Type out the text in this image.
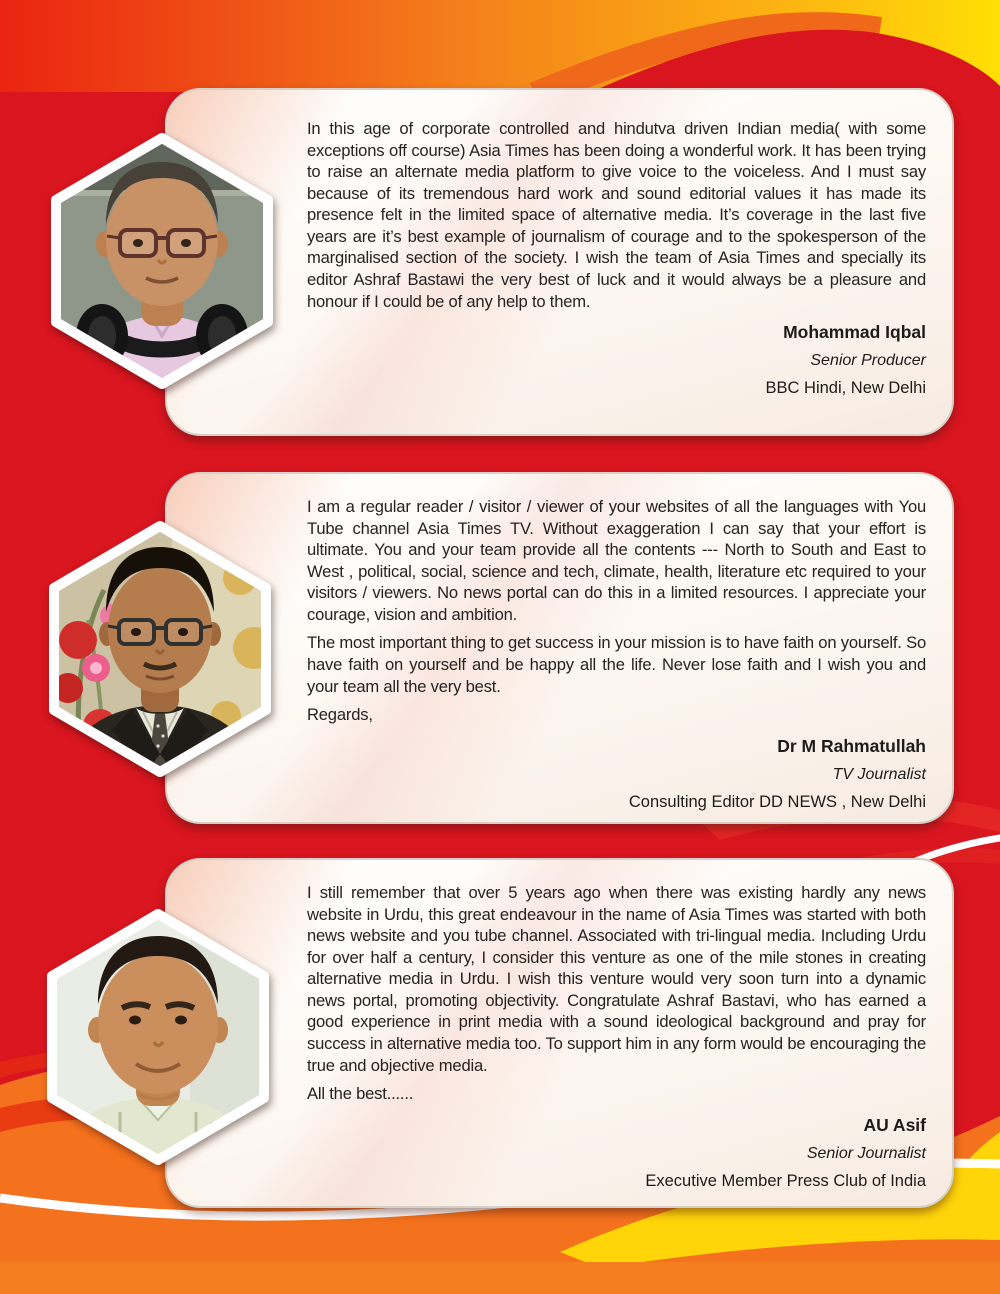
In this age of corporate controlled and hindutva driven Indian media( with some exceptions off course) Asia Times has been doing a wonderful work. It has been trying to raise an alternate media platform to give voice to the voiceless. And I must say because of its tremendous hard work and sound editorial values it has made its presence felt in the limited space of alternative media. It’s coverage in the last five years are it’s best example of journalism of courage and to the spokesperson of the marginalised section of the society. I wish the team of Asia Times and specially its editor Ashraf Bastawi the very best of luck and it would always be a pleasure and honour if I could be of any help to them.

Mohammad Iqbal
Senior Producer
BBC Hindi, New Delhi

I am a regular reader / visitor / viewer of your websites of all the languages with You Tube channel Asia Times TV. Without exaggeration I can say that your effort is ultimate. You and your team provide all the contents --- North to South and East to West , political, social, science and tech, climate, health, literature etc required to your visitors / viewers. No news portal can do this in a limited resources. I appreciate your courage, vision and ambition.

The most important thing to get success in your mission is to have faith on yourself. So have faith on yourself and be happy all the life. Never lose faith and I wish you and your team all the very best.

Regards,

Dr M Rahmatullah
TV Journalist
Consulting Editor DD NEWS , New Delhi

I still remember that over 5 years ago when there was existing hardly any news website in Urdu, this great endeavour in the name of Asia Times was started with both news website and you tube channel. Associated with tri-lingual media. Including Urdu for over half a century, I consider this venture as one of the mile stones in creating alternative media in Urdu. I wish this venture would very soon turn into a dynamic news portal, promoting objectivity. Congratulate Ashraf Bastavi, who has earned a good experience in print media with a sound ideological background and pray for success in alternative media too. To support him in any form would be encouraging the true and objective media.

All the best......

AU Asif
Senior Journalist
Executive Member Press Club of India
